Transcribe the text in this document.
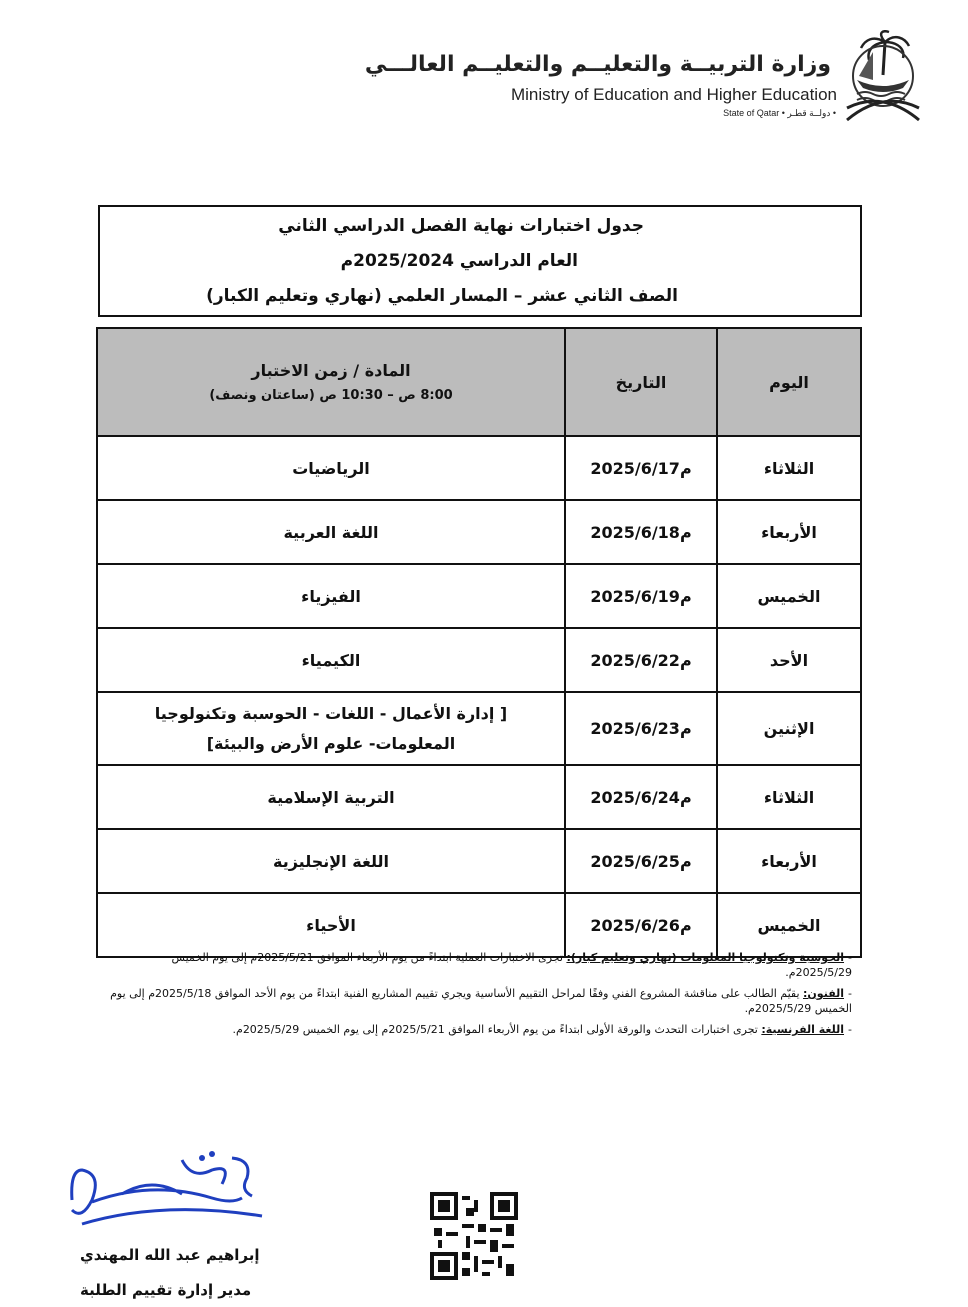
وزارة التربيــة والتعليــم والتعليــم العالـــي
Ministry of Education and Higher Education
State of Qatar • دولــة قطـر •
جدول اختبارات نهاية الفصل الدراسي الثاني
العام الدراسي 2025/2024م
الصف الثاني عشر – المسار العلمي (نهاري وتعليم الكبار)
اليوم	التاريخ	المادة / زمن الاختبار
8:00 ص – 10:30 ص (ساعتان ونصف)

الثلاثاء	2025/6/17م	الرياضيات
الأربعاء	2025/6/18م	اللغة العربية
الخميس	2025/6/19م	الفيزياء
الأحد	2025/6/22م	الكيمياء
الإثنين	2025/6/23م	[ إدارة الأعمال - اللغات - الحوسبة وتكنولوجيا المعلومات- علوم الأرض والبيئة]
الثلاثاء	2025/6/24م	التربية الإسلامية
الأربعاء	2025/6/25م	اللغة الإنجليزية
الخميس	2025/6/26م	الأحياء
-الحوسبة وتكنولوجيا المعلومات (نهاري وتعليم كبار): تجرى الاختبارات العملية ابتداءً من يوم الأربعاء الموافق 2025/5/21م إلى يوم الخميس 2025/5/29م.
-الفنون: يقيّم الطالب على مناقشة المشروع الفني وفقًا لمراحل التقييم الأساسية ويجري تقييم المشاريع الفنية ابتداءً من يوم الأحد الموافق 2025/5/18م إلى يوم الخميس 2025/5/29م.
-اللغة الفرنسية: تجرى اختبارات التحدث والورقة الأولى ابتداءً من يوم الأربعاء الموافق 2025/5/21م إلى يوم الخميس 2025/5/29م.
إبراهيم عبد الله المهندي
مدير إدارة تقييم الطلبة
